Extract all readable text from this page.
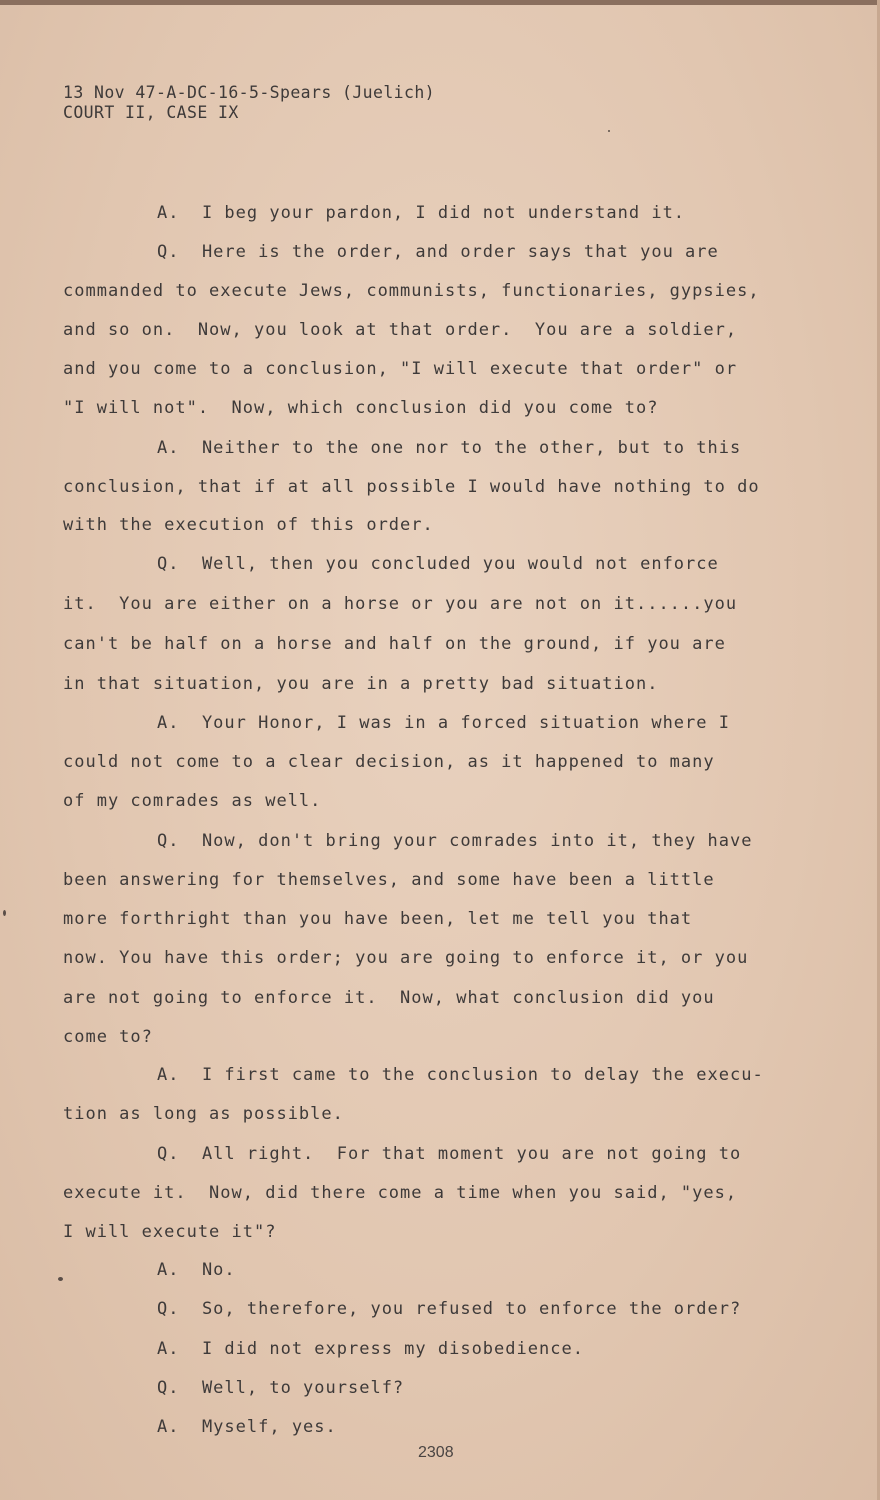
13 Nov 47-A-DC-16-5-Spears (Juelich)
COURT II, CASE IX
A.  I beg your pardon, I did not understand it.
Q.  Here is the order, and order says that you are
commanded to execute Jews, communists, functionaries, gypsies,
and so on.  Now, you look at that order.  You are a soldier,
and you come to a conclusion, "I will execute that order" or
"I will not".  Now, which conclusion did you come to?
A.  Neither to the one nor to the other, but to this
conclusion, that if at all possible I would have nothing to do
with the execution of this order.
Q.  Well, then you concluded you would not enforce
it.  You are either on a horse or you are not on it......you
can't be half on a horse and half on the ground, if you are
in that situation, you are in a pretty bad situation.
A.  Your Honor, I was in a forced situation where I
could not come to a clear decision, as it happened to many
of my comrades as well.
Q.  Now, don't bring your comrades into it, they have
been answering for themselves, and some have been a little
more forthright than you have been, let me tell you that
now. You have this order; you are going to enforce it, or you
are not going to enforce it.  Now, what conclusion did you
come to?
A.  I first came to the conclusion to delay the execu-
tion as long as possible.
Q.  All right.  For that moment you are not going to
execute it.  Now, did there come a time when you said, "yes,
I will execute it"?
A.  No.
Q.  So, therefore, you refused to enforce the order?
A.  I did not express my disobedience.
Q.  Well, to yourself?
A.  Myself, yes.
2308
